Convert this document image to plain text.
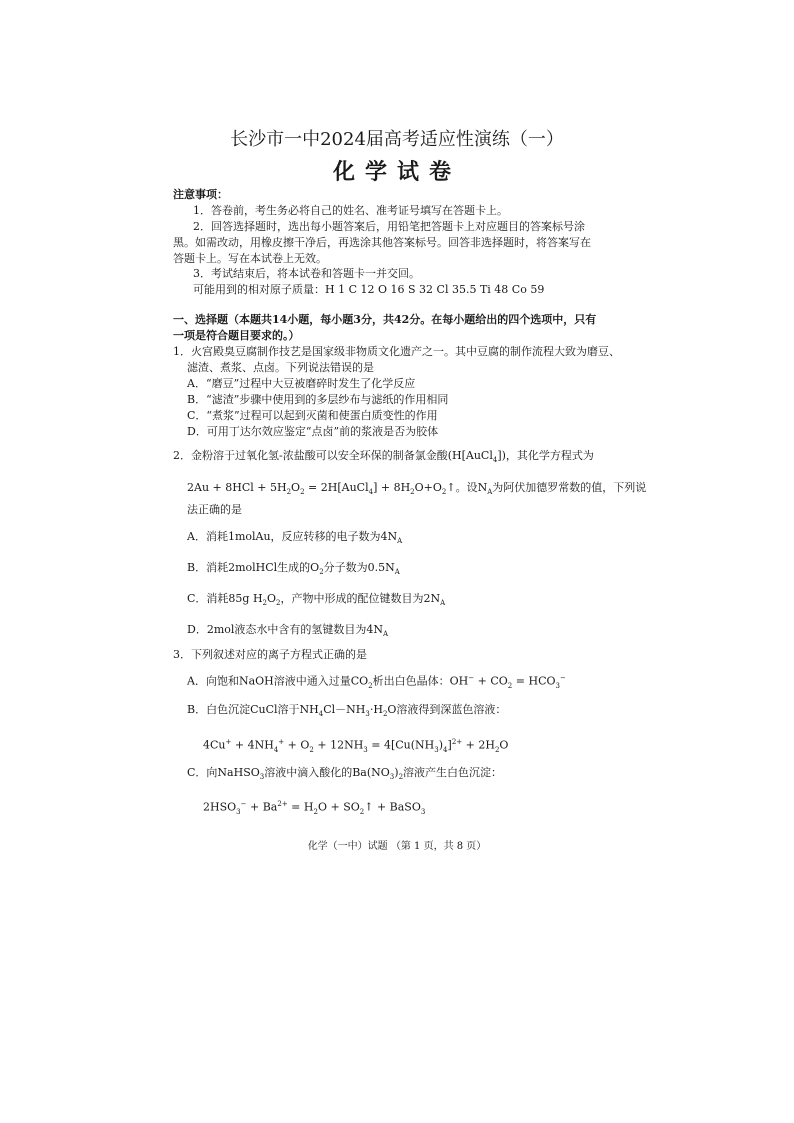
长沙市一中2024届高考适应性演练（一）
化学试卷
注意事项：
1．答卷前，考生务必将自己的姓名、准考证号填写在答题卡上。
2．回答选择题时，选出每小题答案后，用铅笔把答题卡上对应题目的答案标号涂
黑。如需改动，用橡皮擦干净后，再选涂其他答案标号。回答非选择题时，将答案写在
答题卡上。写在本试卷上无效。
3．考试结束后，将本试卷和答题卡一并交回。
可能用到的相对原子质量：H 1 C 12 O 16 S 32 Cl 35.5 Ti 48 Co 59
一、选择题（本题共14小题，每小题3分，共42分。在每小题给出的四个选项中，只有
一项是符合题目要求的。）
1．火宫殿臭豆腐制作技艺是国家级非物质文化遗产之一。其中豆腐的制作流程大致为磨豆、
滤渣、煮浆、点卤。下列说法错误的是
A．“磨豆”过程中大豆被磨碎时发生了化学反应
B．“滤渣”步骤中使用到的多层纱布与滤纸的作用相同
C．“煮浆”过程可以起到灭菌和使蛋白质变性的作用
D．可用丁达尔效应鉴定“点卤”前的浆液是否为胶体
2．金粉溶于过氧化氢-浓盐酸可以安全环保的制备氯金酸(H[AuCl$_4$])，其化学方程式为
$2Au + 8HCl + 5H_2O_2$ = 2H[AuCl$_4$] + $8H_2O+O_2↑$。设$N_A$为阿伏加德罗常数的值，下列说
法正确的是
A．消耗1molAu，反应转移的电子数为$4N_A$
B．消耗2molHCl生成的$O_2$分子数为$0.5N_A$
C．消耗85g $H_2O_2$，产物中形成的配位键数目为$2N_A$
D．2mol液态水中含有的氢键数目为$4N_A$
3．下列叙述对应的离子方程式正确的是
A．向饱和NaOH溶液中通入过量$CO_2$析出白色晶体：$OH^- + CO_2 = HCO_3^-$
B．白色沉淀CuCl溶于$NH_4Cl-NH_3\cdot H_2O$溶液得到深蓝色溶液：
$4Cu^+ + 4NH_4^+ + O_2 + 12NH_3 = 4[Cu(NH_3)_4]^{2+} + 2H_2O$
C．向NaHSO$_3$溶液中滴入酸化的$Ba(NO_3)_2$溶液产生白色沉淀：
$2HSO_3^- + Ba^{2+} = H_2O$ + $SO_2↑$ + BaSO$_3$
化学（一中）试题 （第 1 页，共 8 页）
